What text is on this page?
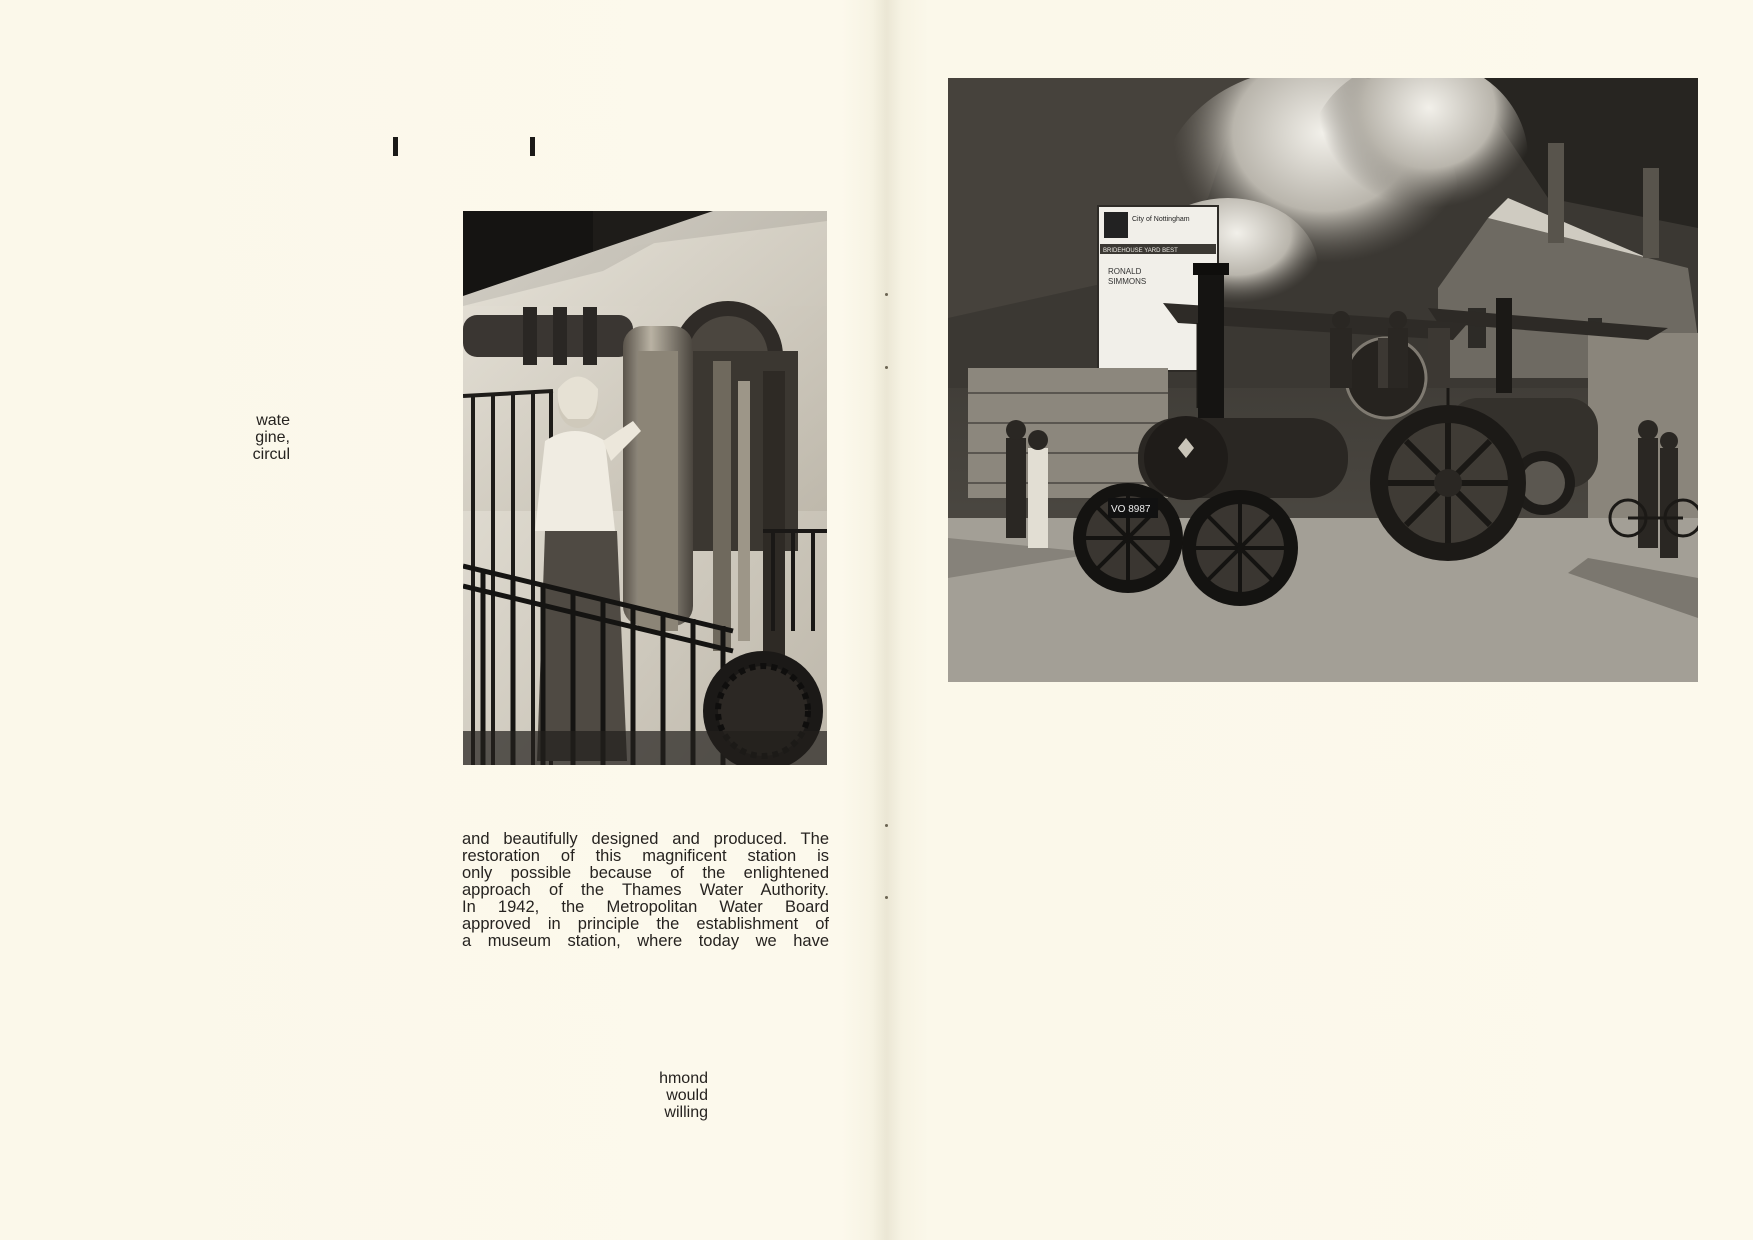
wate
gine,
circul
and beautifully designed and produced. The
restoration of this magnificent station is
only possible because of the enlightened
approach of the Thames Water Authority.
In 1942, the Metropolitan Water Board
approved in principle the establishment of
a museum station, where today we have
hmond
would
willing
City of Nottingham
BRIDEHOUSE YARD BEST
RONALD
SIMMONS
VO 8987
